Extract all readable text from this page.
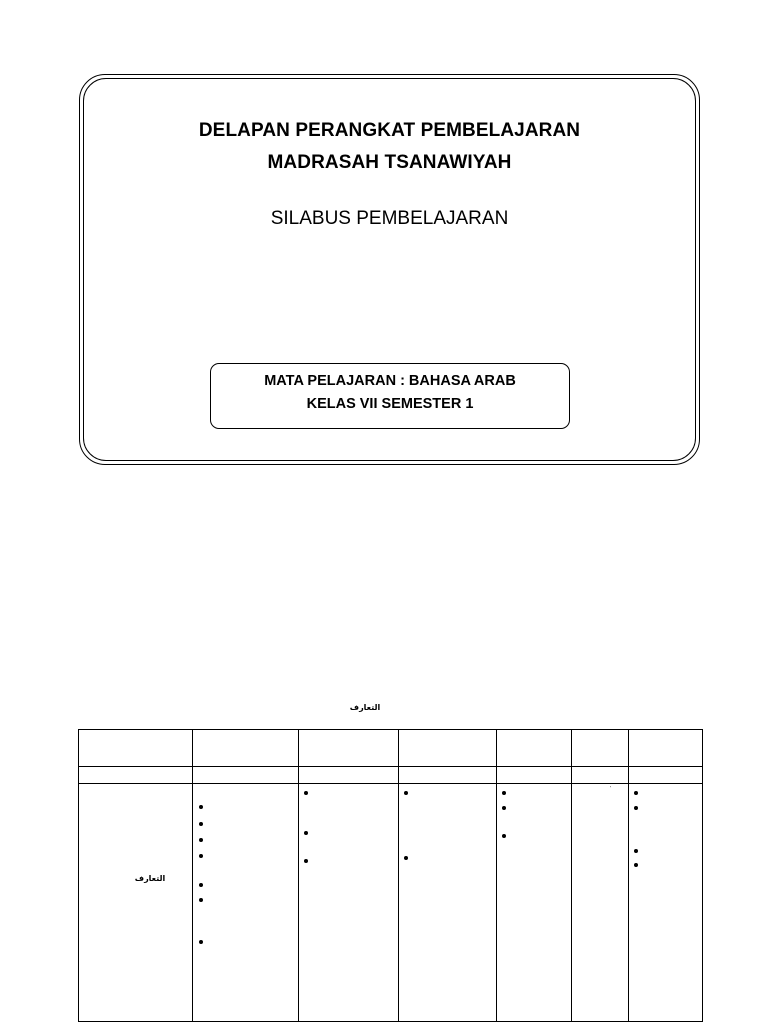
DELAPAN PERANGKAT PEMBELAJARAN
MADRASAH TSANAWIYAH
SILABUS PEMBELAJARAN
MATA PELAJARAN : BAHASA ARAB
KELAS VII SEMESTER 1
التعارف
التعارف
'
